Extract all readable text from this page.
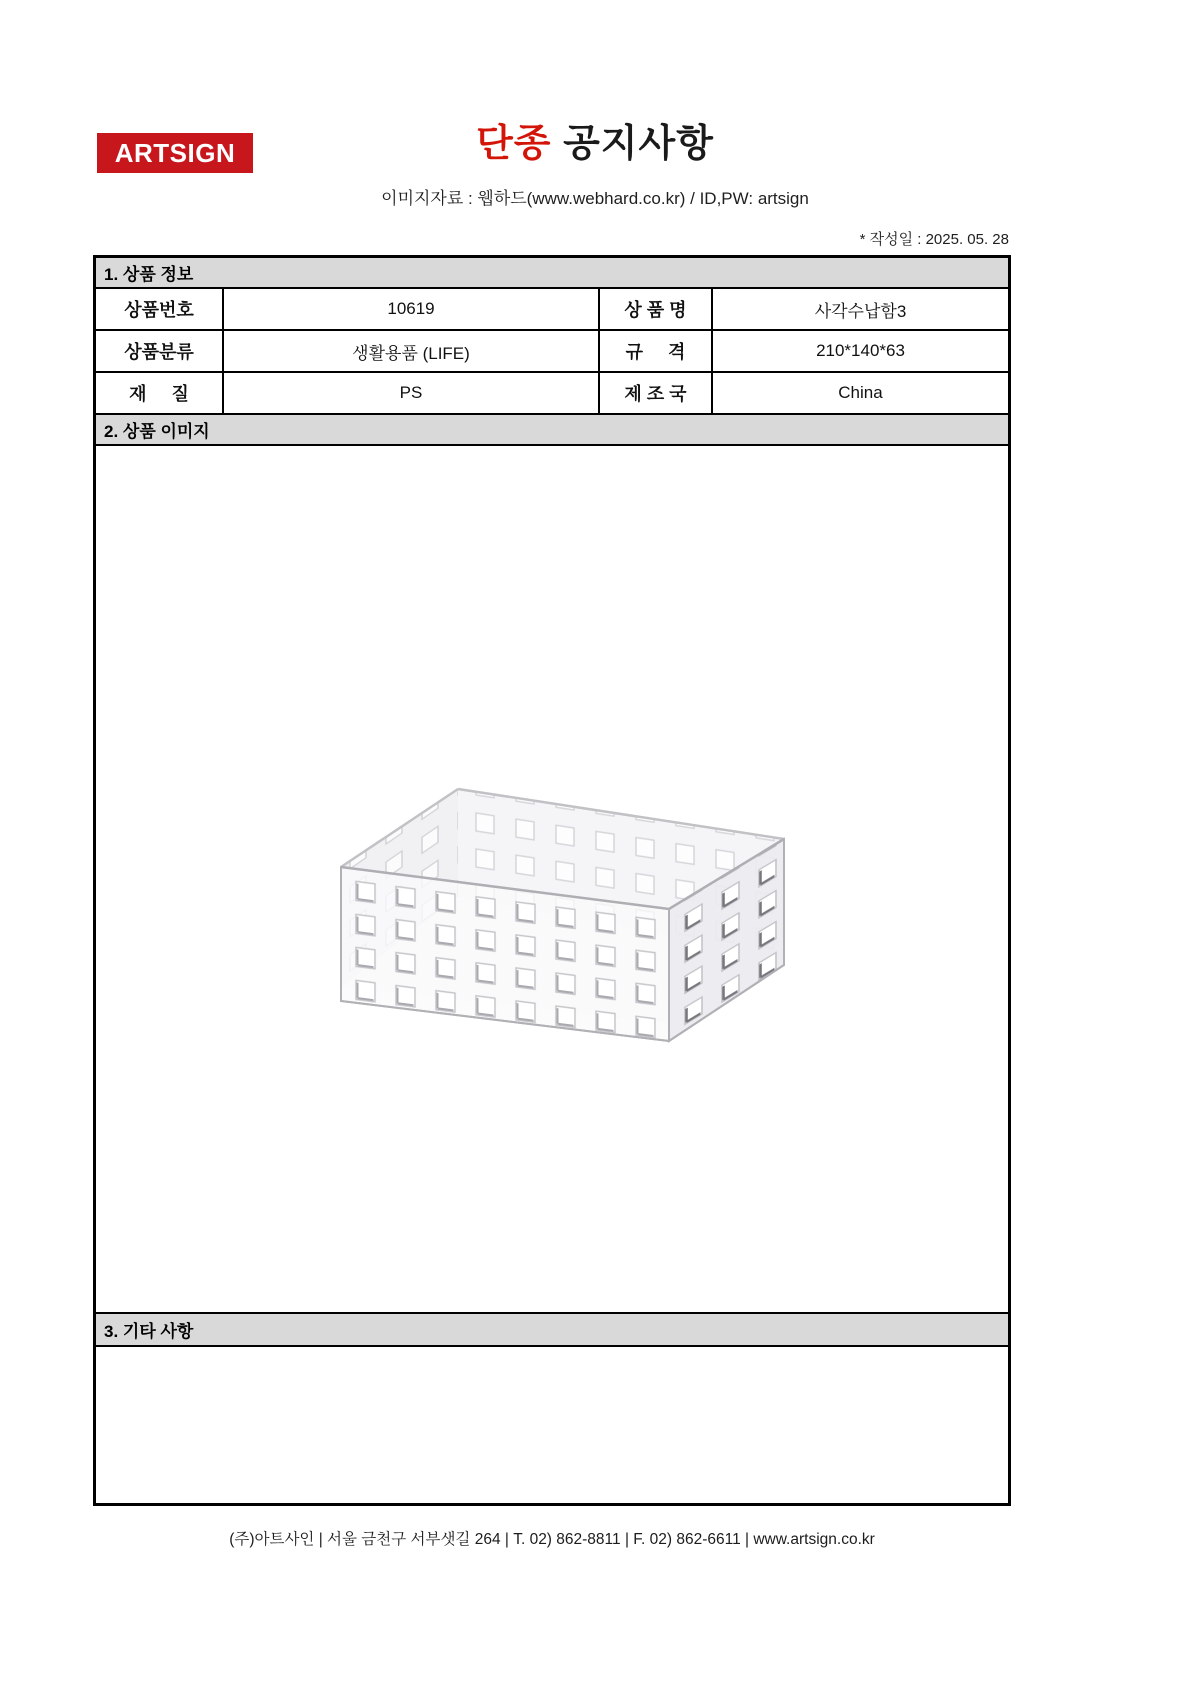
ARTSIGN	단종 공지사항
이미지자료 : 웹하드(www.webhard.co.kr) / ID,PW: artsign
* 작성일 : 2025. 05. 28
1. 상품 정보
상품번호	10619	상 품 명	사각수납함3
상품분류	생활용품 (LIFE)	규     격	210*140*63
재     질	PS	제 조 국	China
2. 상품 이미지
3. 기타 사항
(주)아트사인 | 서울 금천구 서부샛길 264 | T. 02) 862-8811 | F. 02) 862-6611 | www.artsign.co.kr
